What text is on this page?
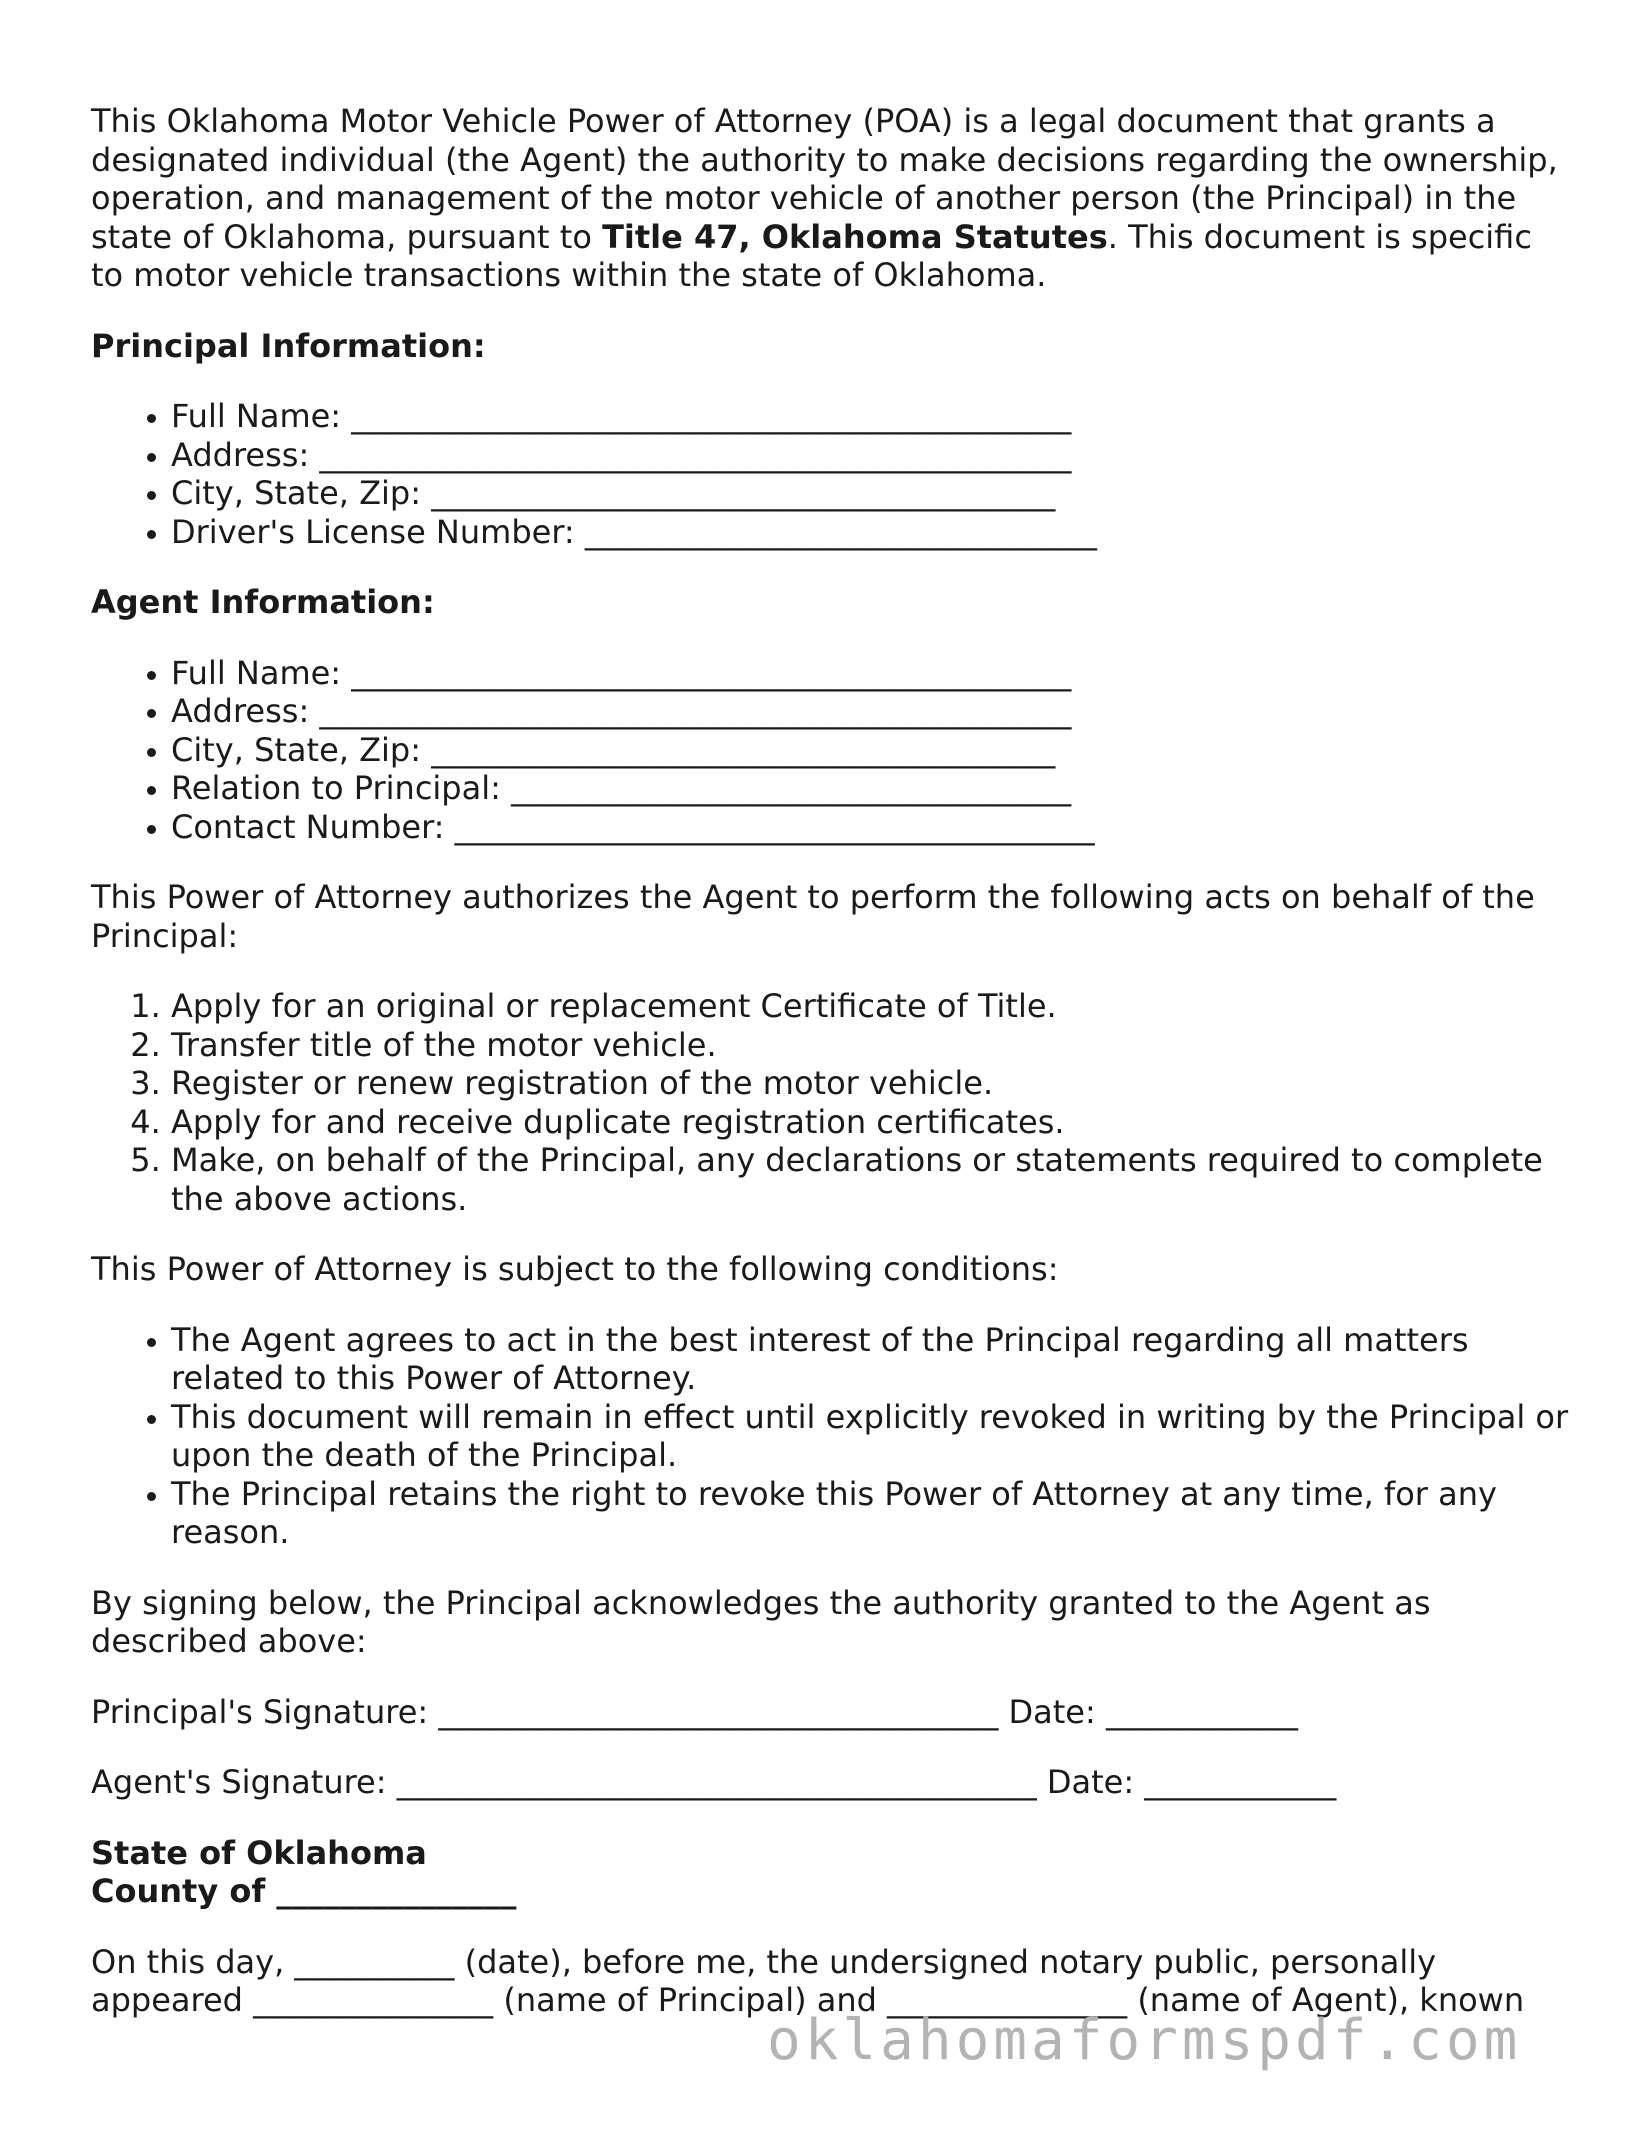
This Oklahoma Motor Vehicle Power of Attorney (POA) is a legal document that grants a designated individual (the Agent) the authority to make decisions regarding the ownership, operation, and management of the motor vehicle of another person (the Principal) in the state of Oklahoma, pursuant to Title 47, Oklahoma Statutes. This document is specific to motor vehicle transactions within the state of Oklahoma.

Principal Information:
• Full Name: _____________________________________________
• Address: _______________________________________________
• City, State, Zip: _______________________________________
• Driver's License Number: ________________________________
Agent Information:
• Full Name: _____________________________________________
• Address: _______________________________________________
• City, State, Zip: _______________________________________
• Relation to Principal: ___________________________________
• Contact Number: ________________________________________

This Power of Attorney authorizes the Agent to perform the following acts on behalf of the Principal:

1. Apply for an original or replacement Certificate of Title.
2. Transfer title of the motor vehicle.
3. Register or renew registration of the motor vehicle.
4. Apply for and receive duplicate registration certificates.
5. Make, on behalf of the Principal, any declarations or statements required to complete the above actions.

This Power of Attorney is subject to the following conditions:

• The Agent agrees to act in the best interest of the Principal regarding all matters related to this Power of Attorney.
• This document will remain in effect until explicitly revoked in writing by the Principal or upon the death of the Principal.
• The Principal retains the right to revoke this Power of Attorney at any time, for any reason.

By signing below, the Principal acknowledges the authority granted to the Agent as described above:

Principal's Signature: ___________________________________ Date: ____________
Agent's Signature: ________________________________________ Date: ____________
State of Oklahoma
County of _______________

On this day, __________ (date), before me, the undersigned notary public, personally appeared _______________ (name of Principal) and _______________ (name of Agent), known

oklahomaformspdf.com
